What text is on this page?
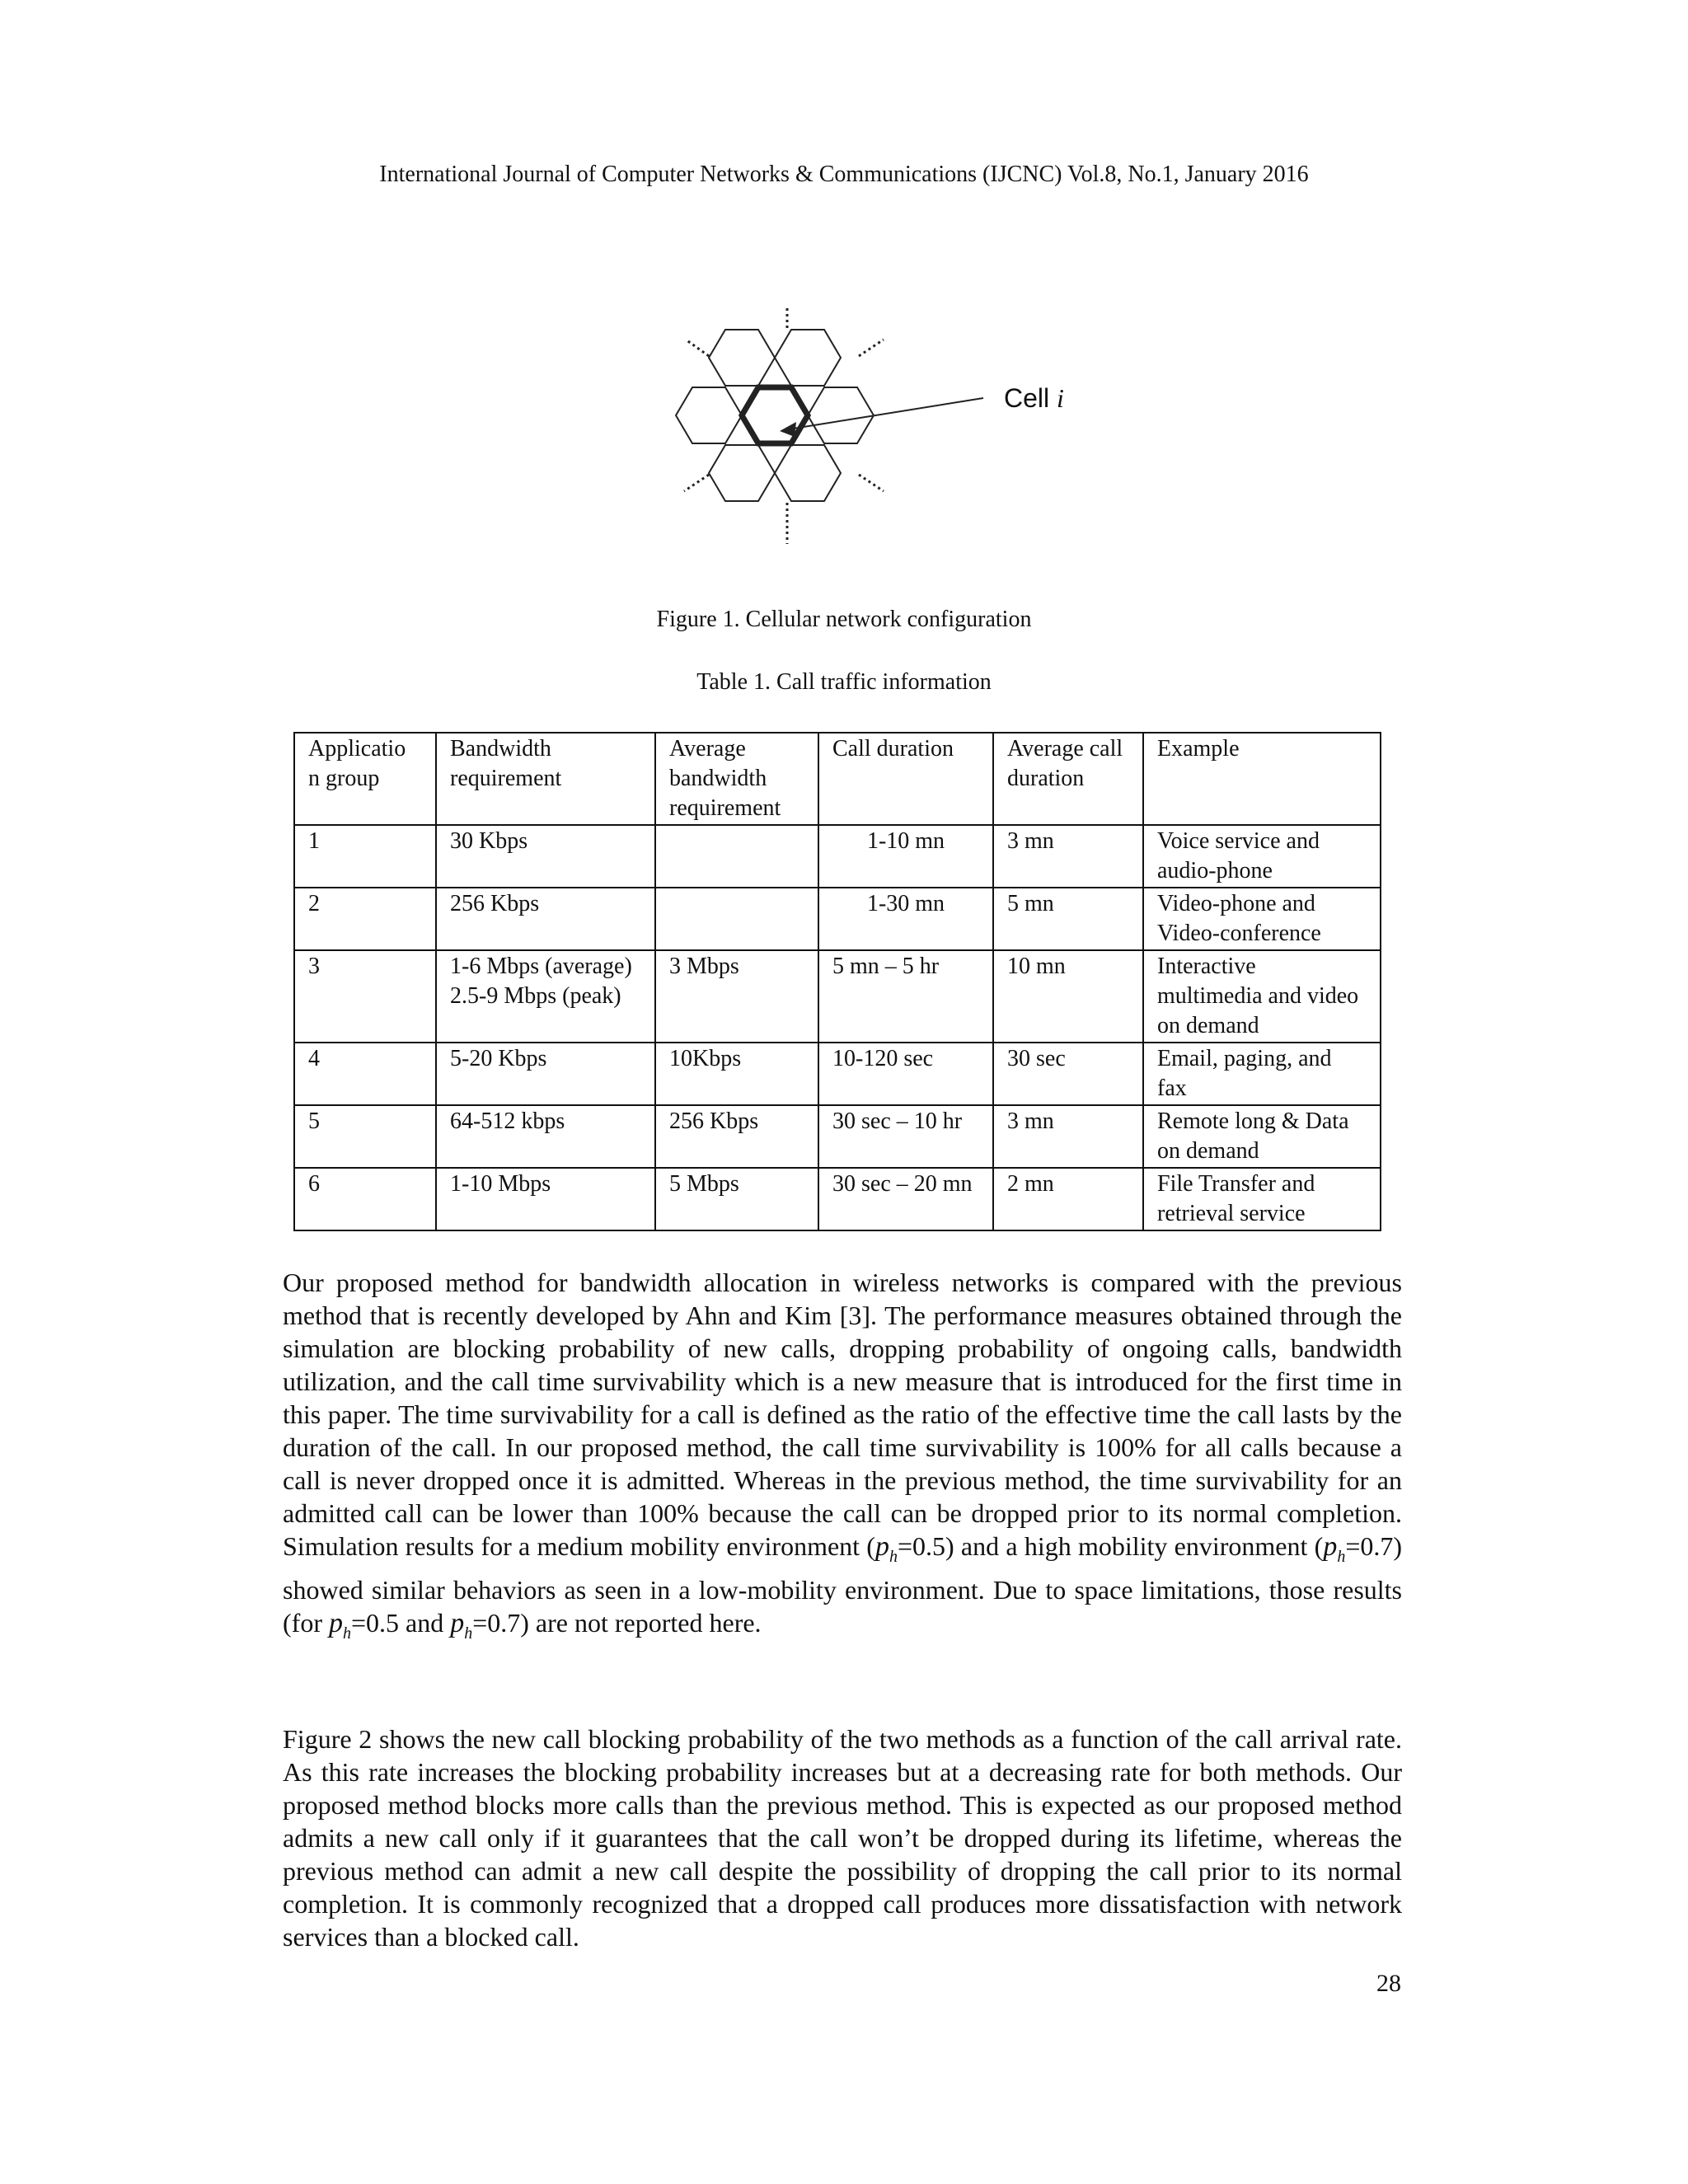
International Journal of Computer Networks & Communications (IJCNC) Vol.8, No.1, January 2016
Cell i
Figure 1. Cellular network configuration
Table 1. Call traffic information
Applicatio n group	Bandwidth requirement	Average bandwidth requirement	Call duration	Average call duration	Example
1	30 Kbps		1-10 mn	3 mn	Voice service and audio-phone
2	256 Kbps		1-30 mn	5 mn	Video-phone and Video-conference
3	1-6 Mbps (average) 2.5-9 Mbps (peak)	3 Mbps	5 mn – 5 hr	10 mn	Interactive multimedia and video on demand
4	5-20 Kbps	10Kbps	10-120 sec	30 sec	Email, paging, and fax
5	64-512 kbps	256 Kbps	30 sec – 10 hr	3 mn	Remote long & Data on demand
6	1-10 Mbps	5 Mbps	30 sec – 20 mn	2 mn	File Transfer and retrieval service

Our proposed method for bandwidth allocation in wireless networks is compared with the previous method that is recently developed by Ahn and Kim [3]. The performance measures obtained through the simulation are blocking probability of new calls, dropping probability of ongoing calls, bandwidth utilization, and the call time survivability which is a new measure that is introduced for the first time in this paper. The time survivability for a call is defined as the ratio of the effective time the call lasts by the duration of the call. In our proposed method, the call time survivability is 100% for all calls because a call is never dropped once it is admitted. Whereas in the previous method, the time survivability for an admitted call can be lower than 100% because the call can be dropped prior to its normal completion. Simulation results for a medium mobility environment $(p_h=0.5)$ and a high mobility environment $(p_h=0.7)$ showed similar behaviors as seen in a low-mobility environment. Due to space limitations, those results (for $p_h=0.5$ and $p_h=0.7$) are not reported here.

Figure 2 shows the new call blocking probability of the two methods as a function of the call arrival rate. As this rate increases the blocking probability increases but at a decreasing rate for both methods. Our proposed method blocks more calls than the previous method. This is expected as our proposed method admits a new call only if it guarantees that the call won’t be dropped during its lifetime, whereas the previous method can admit a new call despite the possibility of dropping the call prior to its normal completion. It is commonly recognized that a dropped call produces more dissatisfaction with network services than a blocked call.

28
